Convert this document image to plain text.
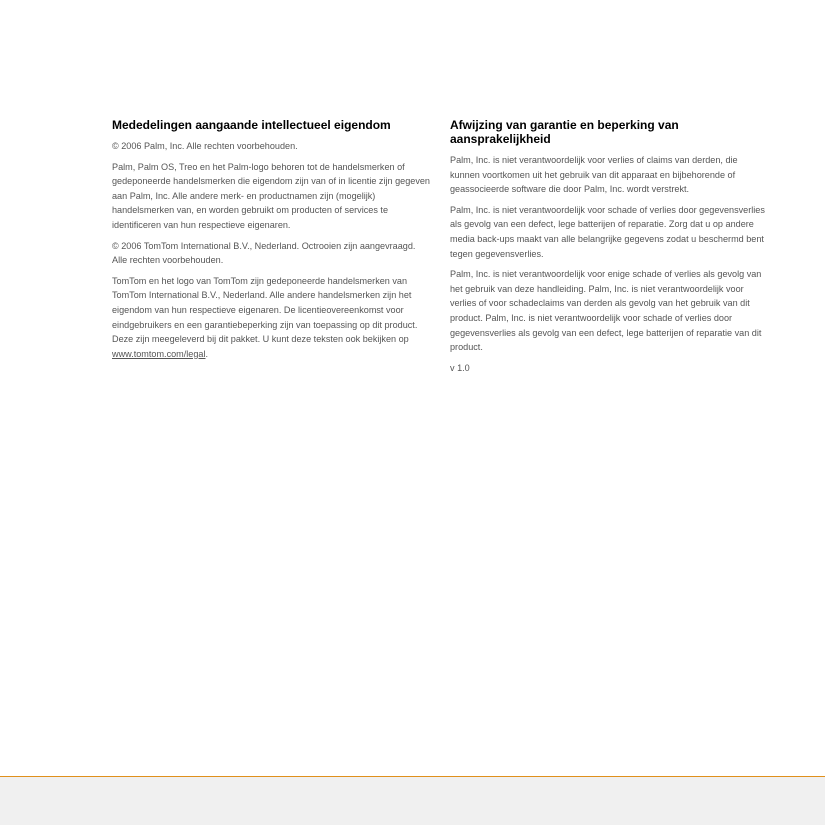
Mededelingen aangaande intellectueel eigendom

© 2006 Palm, Inc. Alle rechten voorbehouden.

Palm, Palm OS, Treo en het Palm-logo behoren tot de handelsmerken of gedeponeerde handelsmerken die eigendom zijn van of in licentie zijn gegeven aan Palm, Inc. Alle andere merk- en productnamen zijn (mogelijk) handelsmerken van, en worden gebruikt om producten of services te identificeren van hun respectieve eigenaren.

© 2006 TomTom International B.V., Nederland. Octrooien zijn aangevraagd. Alle rechten voorbehouden.

TomTom en het logo van TomTom zijn gedeponeerde handelsmerken van TomTom International B.V., Nederland. Alle andere handelsmerken zijn het eigendom van hun respectieve eigenaren. De licentieovereenkomst voor eindgebruikers en een garantiebeperking zijn van toepassing op dit product. Deze zijn meegeleverd bij dit pakket. U kunt deze teksten ook bekijken op www.tomtom.com/legal.

Afwijzing van garantie en beperking van aansprakelijkheid

Palm, Inc. is niet verantwoordelijk voor verlies of claims van derden, die kunnen voortkomen uit het gebruik van dit apparaat en bijbehorende of geassocieerde software die door Palm, Inc. wordt verstrekt.

Palm, Inc. is niet verantwoordelijk voor schade of verlies door gegevensverlies als gevolg van een defect, lege batterijen of reparatie. Zorg dat u op andere media back-ups maakt van alle belangrijke gegevens zodat u beschermd bent tegen gegevensverlies.

Palm, Inc. is niet verantwoordelijk voor enige schade of verlies als gevolg van het gebruik van deze handleiding. Palm, Inc. is niet verantwoordelijk voor verlies of voor schadeclaims van derden als gevolg van het gebruik van dit product. Palm, Inc. is niet verantwoordelijk voor schade of verlies door gegevensverlies als gevolg van een defect, lege batterijen of reparatie van dit product.

v 1.0
